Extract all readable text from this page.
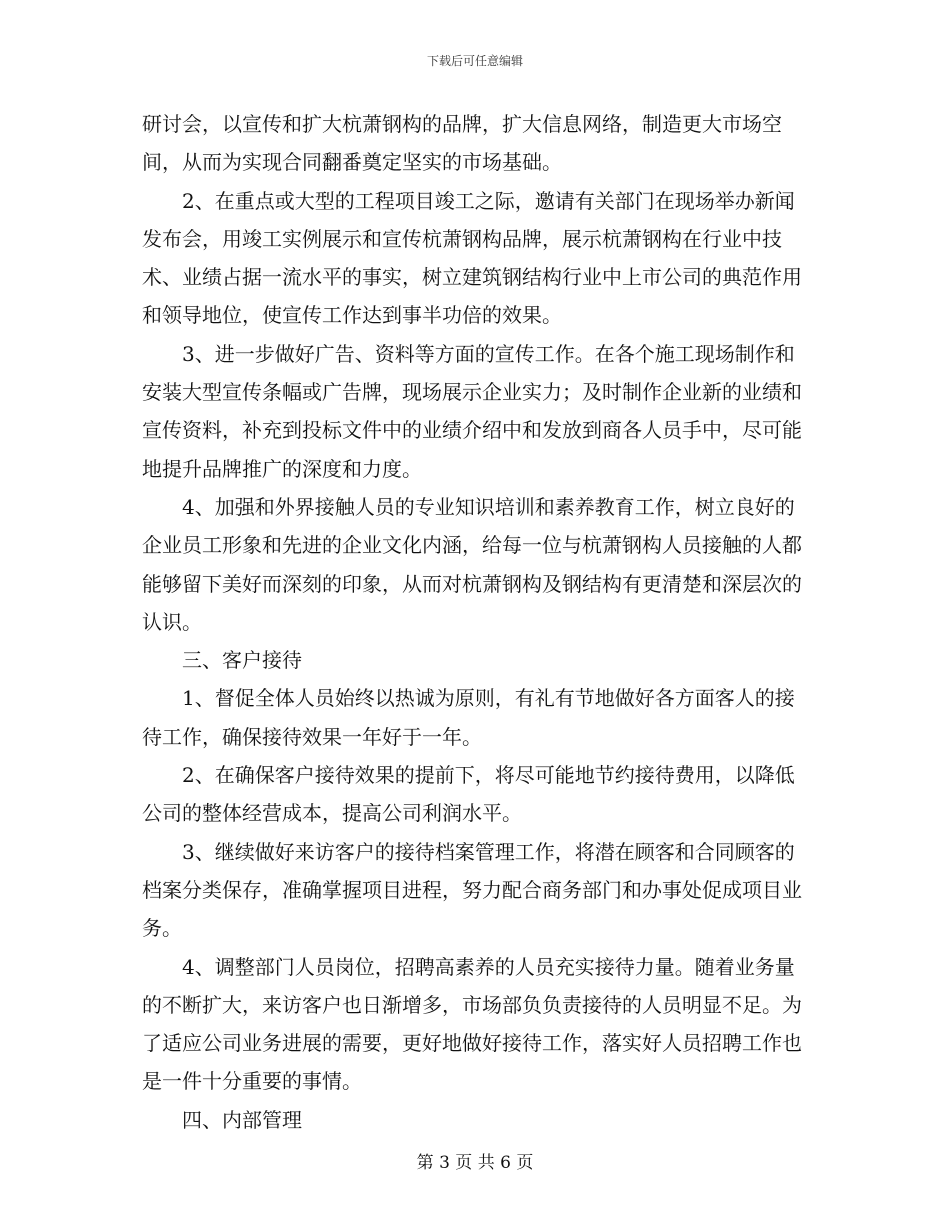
下载后可任意编辑

研讨会，以宣传和扩大杭萧钢构的品牌，扩大信息网络，制造更大市场空间，从而为实现合同翻番奠定坚实的市场基础。

2、在重点或大型的工程项目竣工之际，邀请有关部门在现场举办新闻发布会，用竣工实例展示和宣传杭萧钢构品牌，展示杭萧钢构在行业中技术、业绩占据一流水平的事实，树立建筑钢结构行业中上市公司的典范作用和领导地位，使宣传工作达到事半功倍的效果。

3、进一步做好广告、资料等方面的宣传工作。在各个施工现场制作和安装大型宣传条幅或广告牌，现场展示企业实力；及时制作企业新的业绩和宣传资料，补充到投标文件中的业绩介绍中和发放到商各人员手中，尽可能地提升品牌推广的深度和力度。

4、加强和外界接触人员的专业知识培训和素养教育工作，树立良好的企业员工形象和先进的企业文化内涵，给每一位与杭萧钢构人员接触的人都能够留下美好而深刻的印象，从而对杭萧钢构及钢结构有更清楚和深层次的认识。

三、客户接待

1、督促全体人员始终以热诚为原则，有礼有节地做好各方面客人的接待工作，确保接待效果一年好于一年。

2、在确保客户接待效果的提前下，将尽可能地节约接待费用，以降低公司的整体经营成本，提高公司利润水平。

3、继续做好来访客户的接待档案管理工作，将潜在顾客和合同顾客的档案分类保存，准确掌握项目进程，努力配合商务部门和办事处促成项目业务。

4、调整部门人员岗位，招聘高素养的人员充实接待力量。随着业务量的不断扩大，来访客户也日渐增多，市场部负负责接待的人员明显不足。为了适应公司业务进展的需要，更好地做好接待工作，落实好人员招聘工作也是一件十分重要的事情。

四、内部管理

第 3 页 共 6 页
